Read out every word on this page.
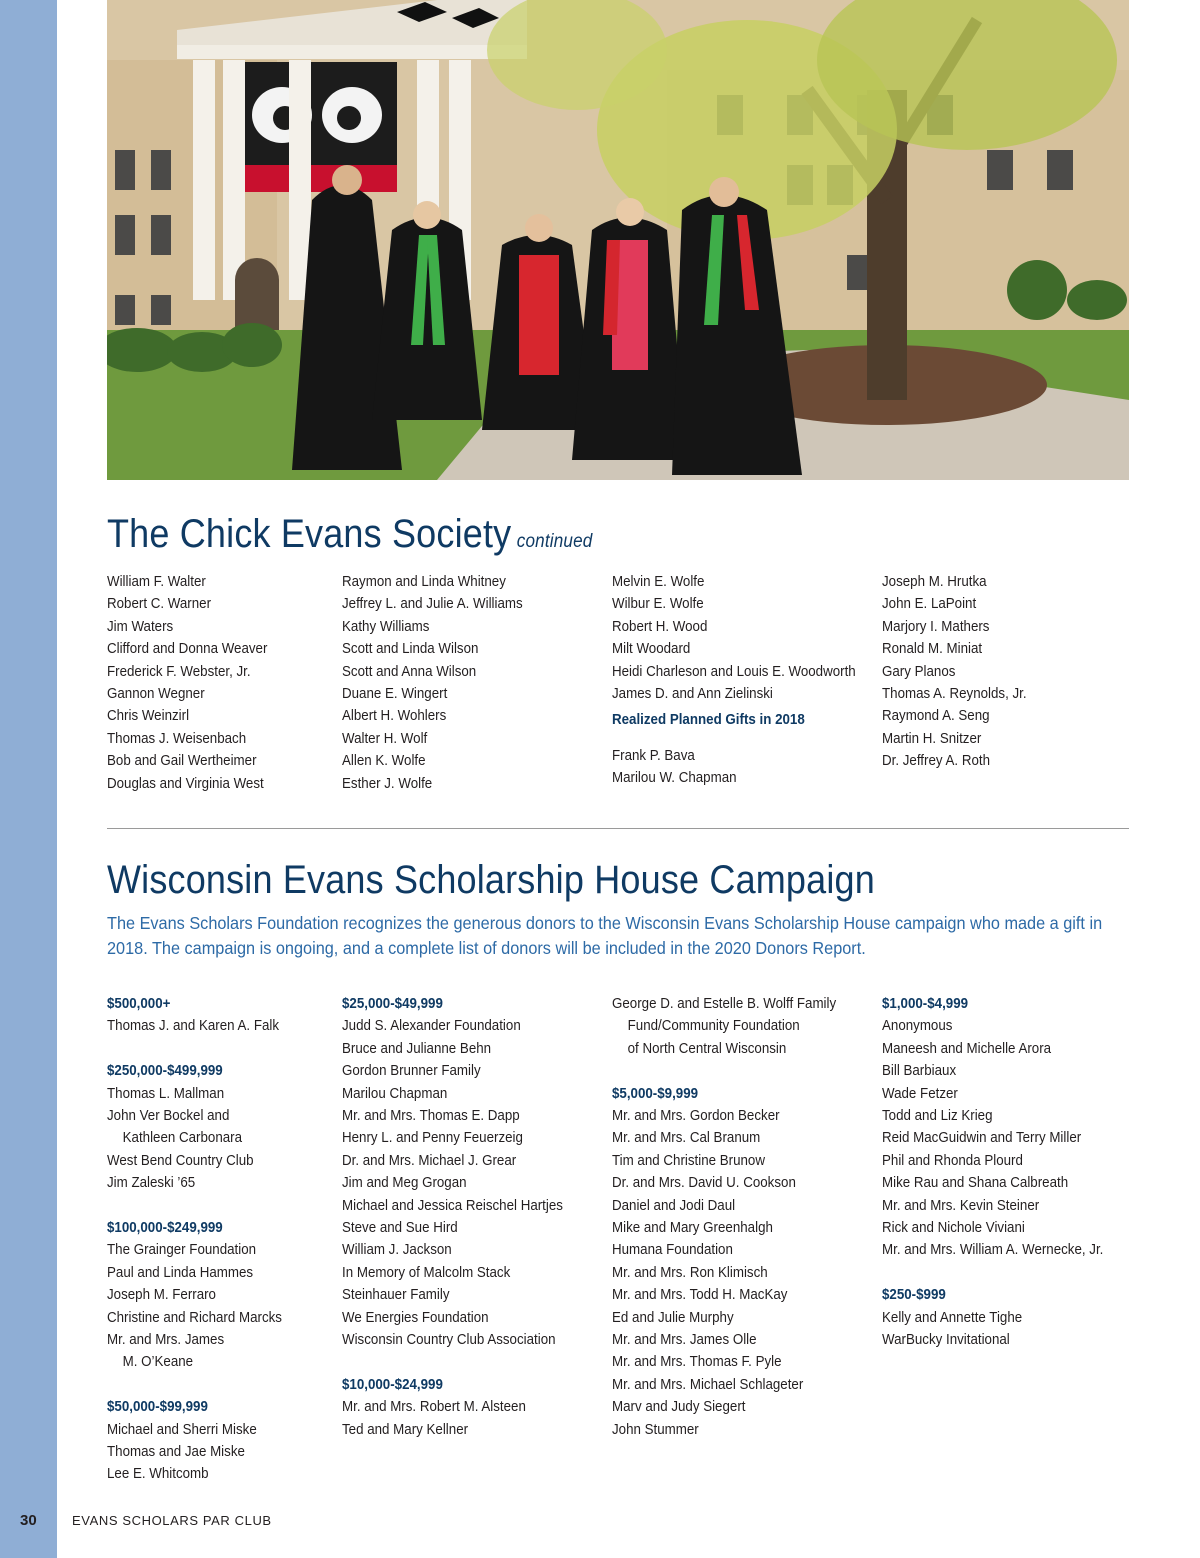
The Chick Evans Society continued
William F. Walter
Robert C. Warner
Jim Waters
Clifford and Donna Weaver
Frederick F. Webster, Jr.
Gannon Wegner
Chris Weinzirl
Thomas J. Weisenbach
Bob and Gail Wertheimer
Douglas and Virginia West
Raymon and Linda Whitney
Jeffrey L. and Julie A. Williams
Kathy Williams
Scott and Linda Wilson
Scott and Anna Wilson
Duane E. Wingert
Albert H. Wohlers
Walter H. Wolf
Allen K. Wolfe
Esther J. Wolfe
Melvin E. Wolfe
Wilbur E. Wolfe
Robert H. Wood
Milt Woodard
Heidi Charleson and Louis E. Woodworth
James D. and Ann Zielinski
Realized Planned Gifts in 2018
Frank P. Bava
Marilou W. Chapman
Joseph M. Hrutka
John E. LaPoint
Marjory I. Mathers
Ronald M. Miniat
Gary Planos
Thomas A. Reynolds, Jr.
Raymond A. Seng
Martin H. Snitzer
Dr. Jeffrey A. Roth
Wisconsin Evans Scholarship House Campaign

The Evans Scholars Foundation recognizes the generous donors to the Wisconsin Evans Scholarship House campaign who made a gift in 2018. The campaign is ongoing, and a complete list of donors will be included in the 2020 Donors Report.

$500,000+
Thomas J. and Karen A. Falk
$250,000-$499,999
Thomas L. Mallman
John Ver Bockel and
Kathleen Carbonara
West Bend Country Club
Jim Zaleski ’65
$100,000-$249,999
The Grainger Foundation
Paul and Linda Hammes
Joseph M. Ferraro
Christine and Richard Marcks
Mr. and Mrs. James
M. O’Keane
$50,000-$99,999
Michael and Sherri Miske
Thomas and Jae Miske
Lee E. Whitcomb
$25,000-$49,999
Judd S. Alexander Foundation
Bruce and Julianne Behn
Gordon Brunner Family
Marilou Chapman
Mr. and Mrs. Thomas E. Dapp
Henry L. and Penny Feuerzeig
Dr. and Mrs. Michael J. Grear
Jim and Meg Grogan
Michael and Jessica Reischel Hartjes
Steve and Sue Hird
William J. Jackson
In Memory of Malcolm Stack
Steinhauer Family
We Energies Foundation
Wisconsin Country Club Association
$10,000-$24,999
Mr. and Mrs. Robert M. Alsteen
Ted and Mary Kellner
George D. and Estelle B. Wolff Family
Fund/Community Foundation
of North Central Wisconsin
$5,000-$9,999
Mr. and Mrs. Gordon Becker
Mr. and Mrs. Cal Branum
Tim and Christine Brunow
Dr. and Mrs. David U. Cookson
Daniel and Jodi Daul
Mike and Mary Greenhalgh
Humana Foundation
Mr. and Mrs. Ron Klimisch
Mr. and Mrs. Todd H. MacKay
Ed and Julie Murphy
Mr. and Mrs. James Olle
Mr. and Mrs. Thomas F. Pyle
Mr. and Mrs. Michael Schlageter
Marv and Judy Siegert
John Stummer
$1,000-$4,999
Anonymous
Maneesh and Michelle Arora
Bill Barbiaux
Wade Fetzer
Todd and Liz Krieg
Reid MacGuidwin and Terry Miller
Phil and Rhonda Plourd
Mike Rau and Shana Calbreath
Mr. and Mrs. Kevin Steiner
Rick and Nichole Viviani
Mr. and Mrs. William A. Wernecke, Jr.
$250-$999
Kelly and Annette Tighe
WarBucky Invitational
30	EVANS SCHOLARS PAR CLUB
